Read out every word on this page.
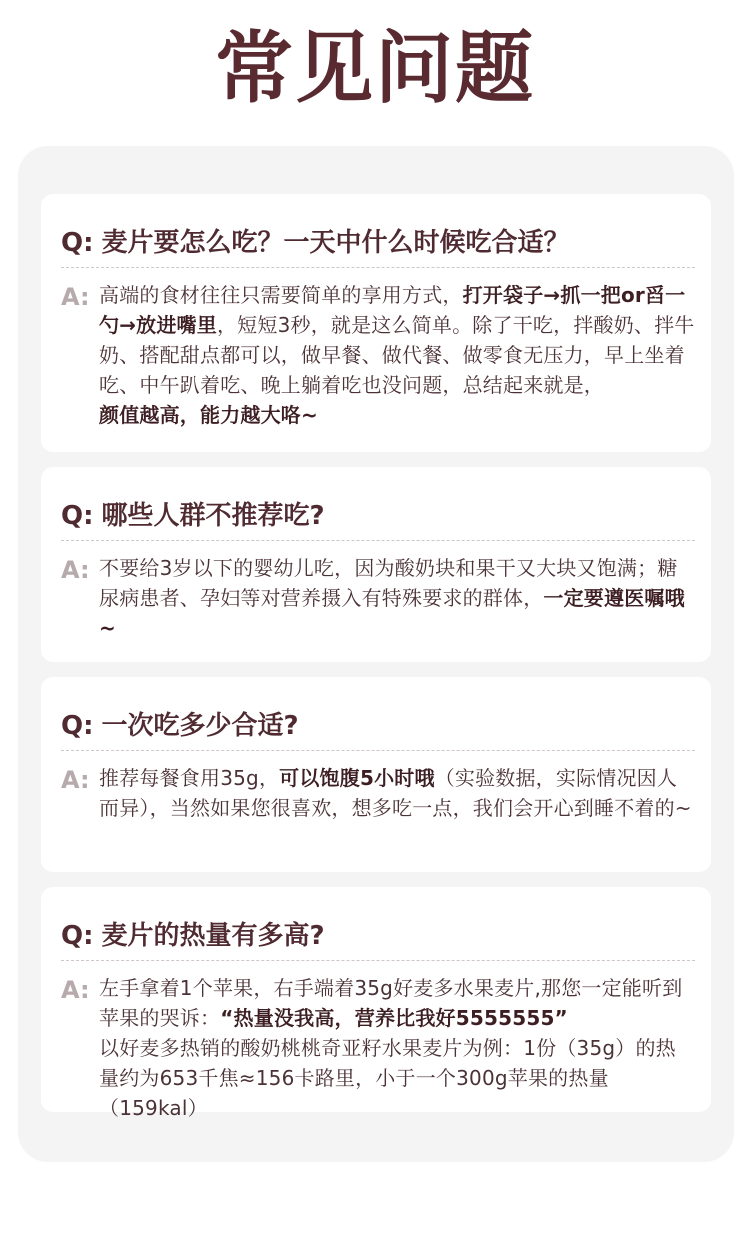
常见问题
Q: 麦片要怎么吃？一天中什么时候吃合适？
A: 高端的食材往往只需要简单的享用方式，打开袋子→抓一把or舀一勺→放进嘴里，短短3秒，就是这么简单。除了干吃，拌酸奶、拌牛奶、搭配甜点都可以，做早餐、做代餐、做零食无压力，早上坐着吃、中午趴着吃、晚上躺着吃也没问题，总结起来就是，
颜值越高，能力越大咯~
Q: 哪些人群不推荐吃?
A: 不要给3岁以下的婴幼儿吃，因为酸奶块和果干又大块又饱满；糖尿病患者、孕妇等对营养摄入有特殊要求的群体，一定要遵医嘱哦~
Q: 一次吃多少合适?
A: 推荐每餐食用35g，可以饱腹5小时哦（实验数据，实际情况因人而异），当然如果您很喜欢，想多吃一点，我们会开心到睡不着的~
Q: 麦片的热量有多高?
A: 左手拿着1个苹果，右手端着35g好麦多水果麦片,那您一定能听到苹果的哭诉：“热量没我高，营养比我好5555555”
以好麦多热销的酸奶桃桃奇亚籽水果麦片为例：1份（35g）的热量约为653千焦≈156卡路里，小于一个300g苹果的热量（159kal）
